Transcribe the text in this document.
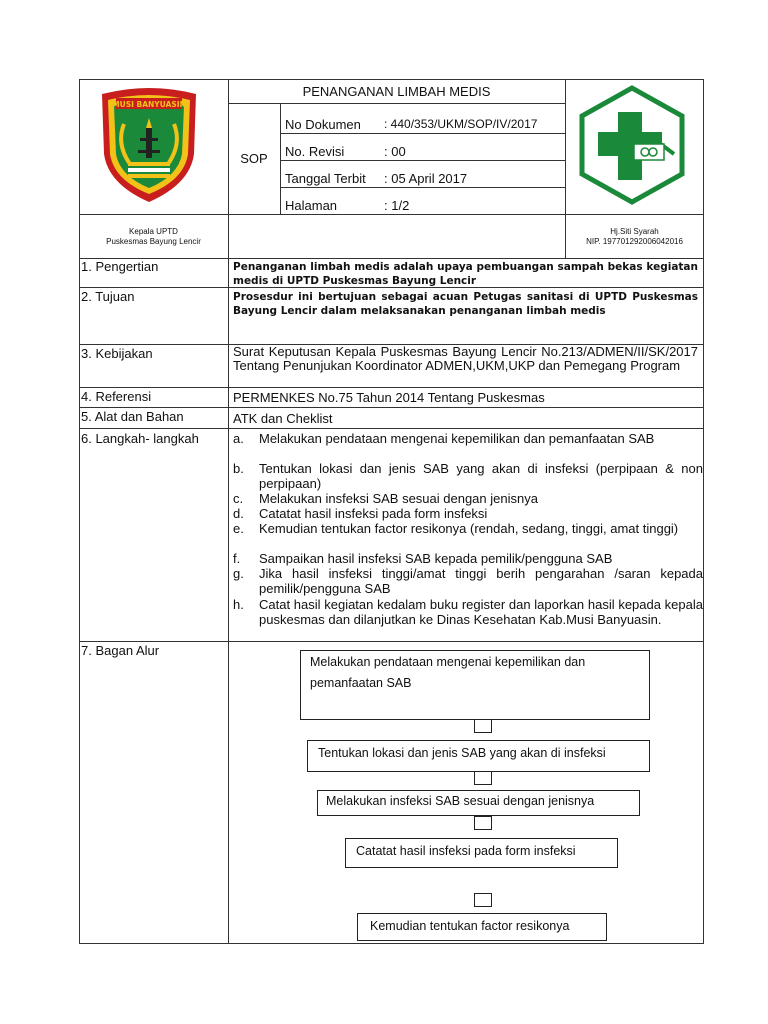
MUSI BANYUASIN
PENANGANAN LIMBAH MEDIS
SOP
No Dokumen : 440/353/UKM/SOP/IV/2017
No. Revisi	: 00
Tanggal Terbit : 05 April 2017
Halaman	: 1/2
Kepala UPTD
Puskesmas Bayung Lencir
Hj.Siti Syarah
NIP. 197701292006042016
1. Pengertian
2. Tujuan
3. Kebijakan
4. Referensi
5. Alat dan Bahan
6. Langkah- langkah
7. Bagan Alur
Penanganan limbah medis adalah upaya pembuangan sampah bekas kegiatan medis di UPTD Puskesmas Bayung Lencir
Prosesdur ini bertujuan sebagai acuan Petugas sanitasi di UPTD Puskesmas Bayung Lencir dalam melaksanakan penanganan limbah medis
Surat Keputusan Kepala Puskesmas Bayung Lencir No.213/ADMEN/II/SK/2017 Tentang Penunjukan Koordinator ADMEN,UKM,UKP dan Pemegang Program
PERMENKES No.75 Tahun 2014 Tentang Puskesmas
ATK dan Cheklist
a. Melakukan pendataan mengenai kepemilikan dan pemanfaatan SAB
b. Tentukan lokasi dan jenis SAB yang akan di insfeksi (perpipaan & non perpipaan)
c. Melakukan insfeksi SAB sesuai dengan jenisnya
d. Catatat hasil insfeksi pada form insfeksi
e. Kemudian tentukan factor resikonya (rendah, sedang, tinggi, amat tinggi)
f. Sampaikan hasil insfeksi SAB kepada pemilik/pengguna SAB
g. Jika hasil insfeksi tinggi/amat tinggi berih pengarahan /saran kepada pemilik/pengguna SAB
h. Catat hasil kegiatan kedalam buku register dan laporkan hasil kepada kepala puskesmas dan dilanjutkan ke Dinas Kesehatan Kab.Musi Banyuasin.
Melakukan pendataan mengenai kepemilikan dan
pemanfaatan SAB
Tentukan lokasi dan jenis SAB yang akan di insfeksi
Melakukan insfeksi SAB sesuai dengan jenisnya
Catatat hasil insfeksi pada form insfeksi
Kemudian tentukan factor resikonya
